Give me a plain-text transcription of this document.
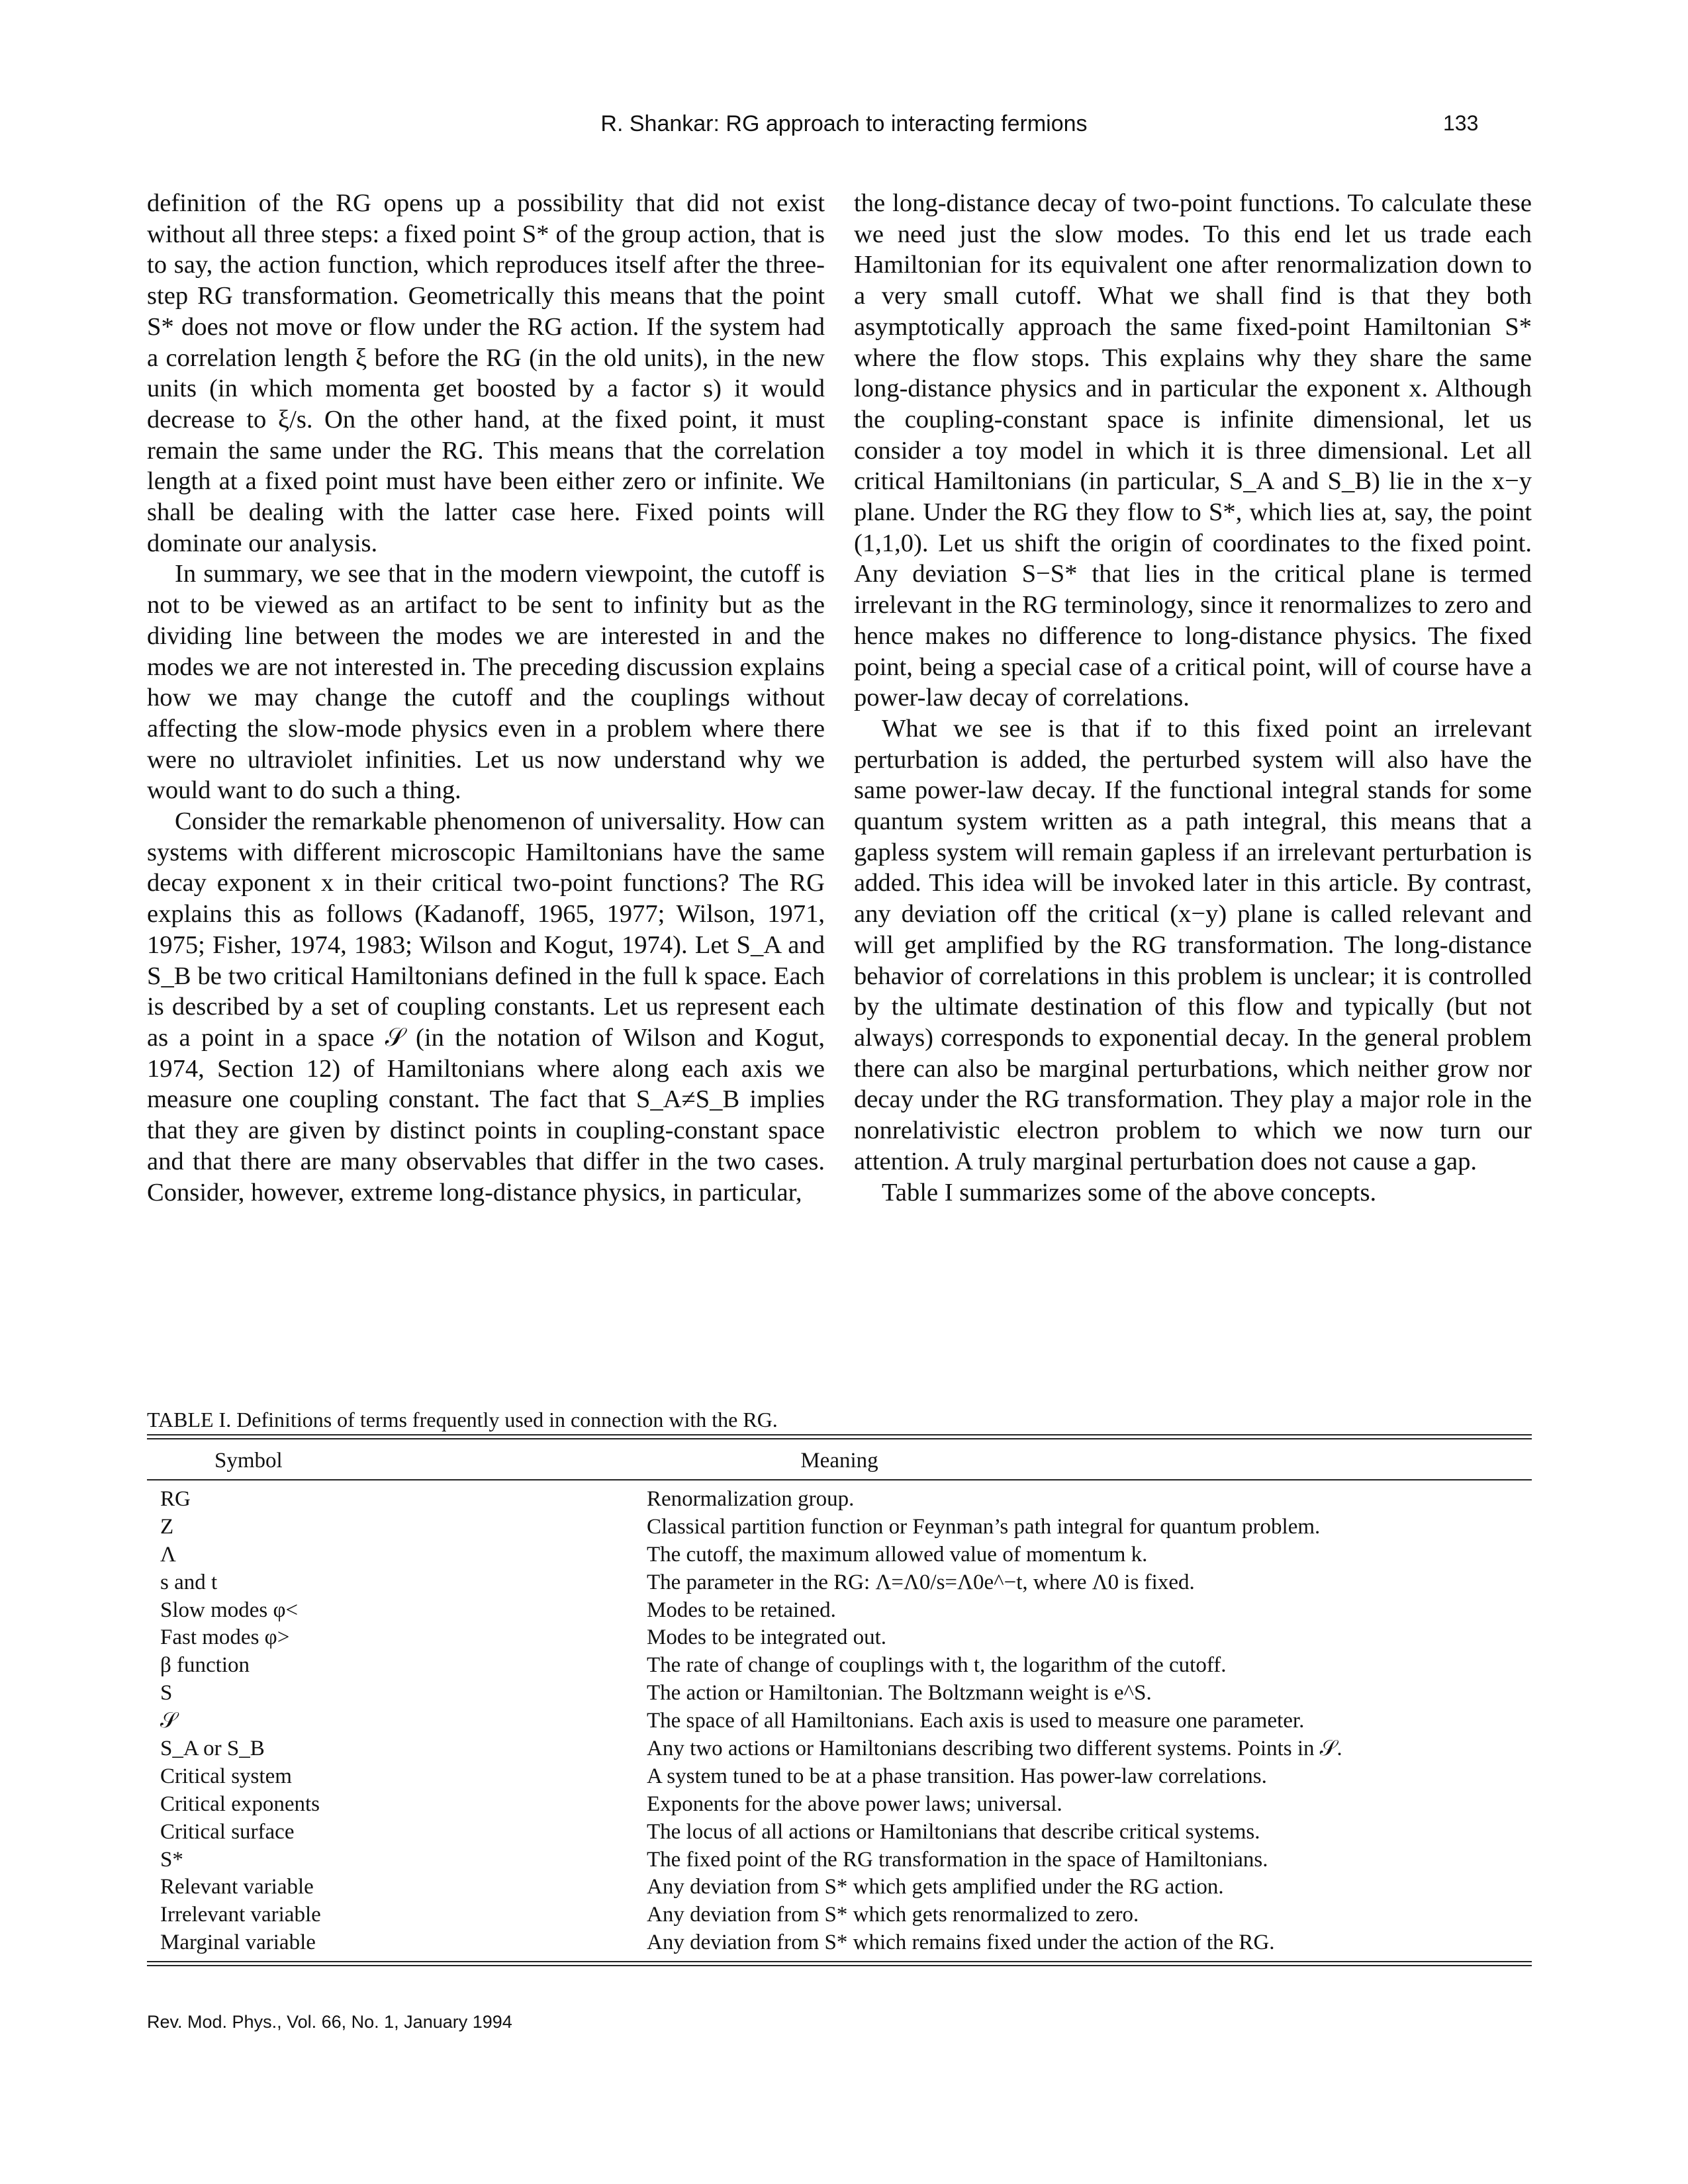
R. Shankar: RG approach to interacting fermions	133

definition of the RG opens up a possibility that did not exist without all three steps: a fixed point S* of the group action, that is to say, the action function, which reproduces itself after the three-step RG transformation. Geometrically this means that the point S* does not move or flow under the RG action. If the system had a correlation length ξ before the RG (in the old units), in the new units (in which momenta get boosted by a factor s) it would decrease to ξ/s. On the other hand, at the fixed point, it must remain the same under the RG. This means that the correlation length at a fixed point must have been either zero or infinite. We shall be dealing with the latter case here. Fixed points will dominate our analysis.

In summary, we see that in the modern viewpoint, the cutoff is not to be viewed as an artifact to be sent to infinity but as the dividing line between the modes we are interested in and the modes we are not interested in. The preceding discussion explains how we may change the cutoff and the couplings without affecting the slow-mode physics even in a problem where there were no ultraviolet infinities. Let us now understand why we would want to do such a thing.

Consider the remarkable phenomenon of universality. How can systems with different microscopic Hamiltonians have the same decay exponent x in their critical two-point functions? The RG explains this as follows (Kadanoff, 1965, 1977; Wilson, 1971, 1975; Fisher, 1974, 1983; Wilson and Kogut, 1974). Let S_A and S_B be two critical Hamiltonians defined in the full k space. Each is described by a set of coupling constants. Let us represent each as a point in a space 𝒮 (in the notation of Wilson and Kogut, 1974, Section 12) of Hamiltonians where along each axis we measure one coupling constant. The fact that S_A≠S_B implies that they are given by distinct points in coupling-constant space and that there are many observables that differ in the two cases. Consider, however, extreme long-distance physics, in particular,

the long-distance decay of two-point functions. To calculate these we need just the slow modes. To this end let us trade each Hamiltonian for its equivalent one after renormalization down to a very small cutoff. What we shall find is that they both asymptotically approach the same fixed-point Hamiltonian S* where the flow stops. This explains why they share the same long-distance physics and in particular the exponent x. Although the coupling-constant space is infinite dimensional, let us consider a toy model in which it is three dimensional. Let all critical Hamiltonians (in particular, S_A and S_B) lie in the x−y plane. Under the RG they flow to S*, which lies at, say, the point (1,1,0). Let us shift the origin of coordinates to the fixed point. Any deviation S−S* that lies in the critical plane is termed irrelevant in the RG terminology, since it renormalizes to zero and hence makes no difference to long-distance physics. The fixed point, being a special case of a critical point, will of course have a power-law decay of correlations.

What we see is that if to this fixed point an irrelevant perturbation is added, the perturbed system will also have the same power-law decay. If the functional integral stands for some quantum system written as a path integral, this means that a gapless system will remain gapless if an irrelevant perturbation is added. This idea will be invoked later in this article. By contrast, any deviation off the critical (x−y) plane is called relevant and will get amplified by the RG transformation. The long-distance behavior of correlations in this problem is unclear; it is controlled by the ultimate destination of this flow and typically (but not always) corresponds to exponential decay. In the general problem there can also be marginal perturbations, which neither grow nor decay under the RG transformation. They play a major role in the nonrelativistic electron problem to which we now turn our attention. A truly marginal perturbation does not cause a gap.

Table I summarizes some of the above concepts.

TABLE I. Definitions of terms frequently used in connection with the RG.
Symbol	Meaning
RG	Renormalization group.
Z	Classical partition function or Feynman’s path integral for quantum problem.
Λ	The cutoff, the maximum allowed value of momentum k.
s and t	The parameter in the RG: Λ=Λ0/s=Λ0e^−t, where Λ0 is fixed.
Slow modes φ<	Modes to be retained.
Fast modes φ>	Modes to be integrated out.
β function	The rate of change of couplings with t, the logarithm of the cutoff.
S	The action or Hamiltonian. The Boltzmann weight is e^S.
𝒮	The space of all Hamiltonians. Each axis is used to measure one parameter.
S_A or S_B	Any two actions or Hamiltonians describing two different systems. Points in 𝒮.
Critical system	A system tuned to be at a phase transition. Has power-law correlations.
Critical exponents	Exponents for the above power laws; universal.
Critical surface	The locus of all actions or Hamiltonians that describe critical systems.
S*	The fixed point of the RG transformation in the space of Hamiltonians.
Relevant variable	Any deviation from S* which gets amplified under the RG action.
Irrelevant variable	Any deviation from S* which gets renormalized to zero.
Marginal variable	Any deviation from S* which remains fixed under the action of the RG.
Rev. Mod. Phys., Vol. 66, No. 1, January 1994
